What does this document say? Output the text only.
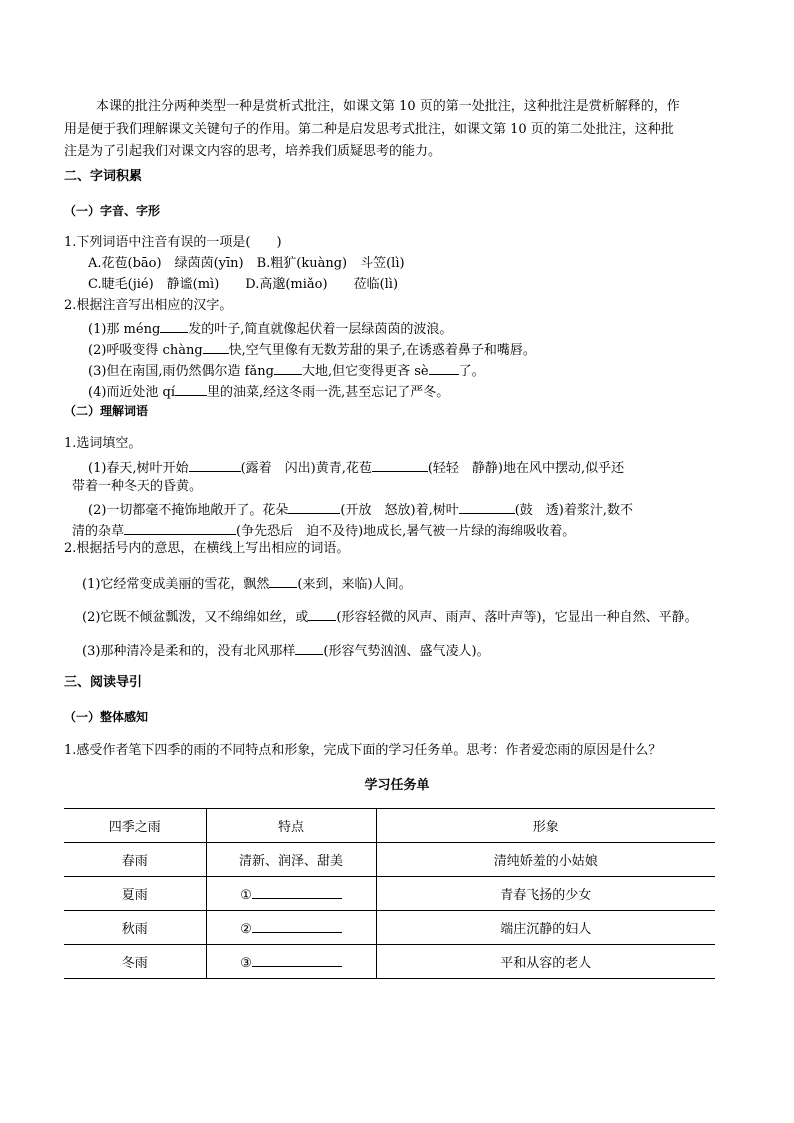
本课的批注分两种类型一种是赏析式批注，如课文第 10 页的第一处批注，这种批注是赏析解释的，作
用是便于我们理解课文关键句子的作用。第二种是启发思考式批注，如课文第 10 页的第二处批注，这种批
注是为了引起我们对课文内容的思考，培养我们质疑思考的能力。
二、字词积累
（一）字音、字形
1.下列词语中注音有误的一项是(　　)
A.花苞(bāo)　绿茵茵(yīn)　B.粗犷(kuàng)　斗笠(lì)
C.睫毛(jié)　静谧(mì)　　D.高邈(miǎo)　　莅临(lì)
2.根据注音写出相应的汉字。
(1)那 méng 发的叶子,简直就像起伏着一层绿茵茵的波浪。
(2)呼吸变得 chàng 快,空气里像有无数芳甜的果子,在诱惑着鼻子和嘴唇。
(3)但在南国,雨仍然偶尔造 fǎng 大地,但它变得更吝 sè 了。
(4)而近处池 qí 里的油菜,经这冬雨一洗,甚至忘记了严冬。
（二）理解词语
1.选词填空。
(1)春天,树叶开始	(露着　闪出)黄青,花苞	(轻轻　静静)地在风中摆动,似乎还
带着一种冬天的昏黄。
(2)一切都毫不掩饰地敞开了。花朵	(开放　怒放)着,树叶	(鼓　透)着浆汁,数不
清的杂草	(争先恐后　迫不及待)地成长,暑气被一片绿的海绵吸收着。
2.根据括号内的意思，在横线上写出相应的词语。
(1)它经常变成美丽的雪花，飘然 (来到，来临)人间。
(2)它既不倾盆瓢泼，又不绵绵如丝，或 (形容轻微的风声、雨声、落叶声等)，它显出一种自然、平静。
(3)那种清冷是柔和的，没有北风那样 (形容气势汹汹、盛气凌人)。
三、阅读导引
（一）整体感知
1.感受作者笔下四季的雨的不同特点和形象，完成下面的学习任务单。思考：作者爱恋雨的原因是什么？
学习任务单
四季之雨	特点	形象
春雨	清新、润泽、甜美	清纯娇羞的小姑娘
夏雨	①	青春飞扬的少女
秋雨	②	端庄沉静的妇人
冬雨	③	平和从容的老人
